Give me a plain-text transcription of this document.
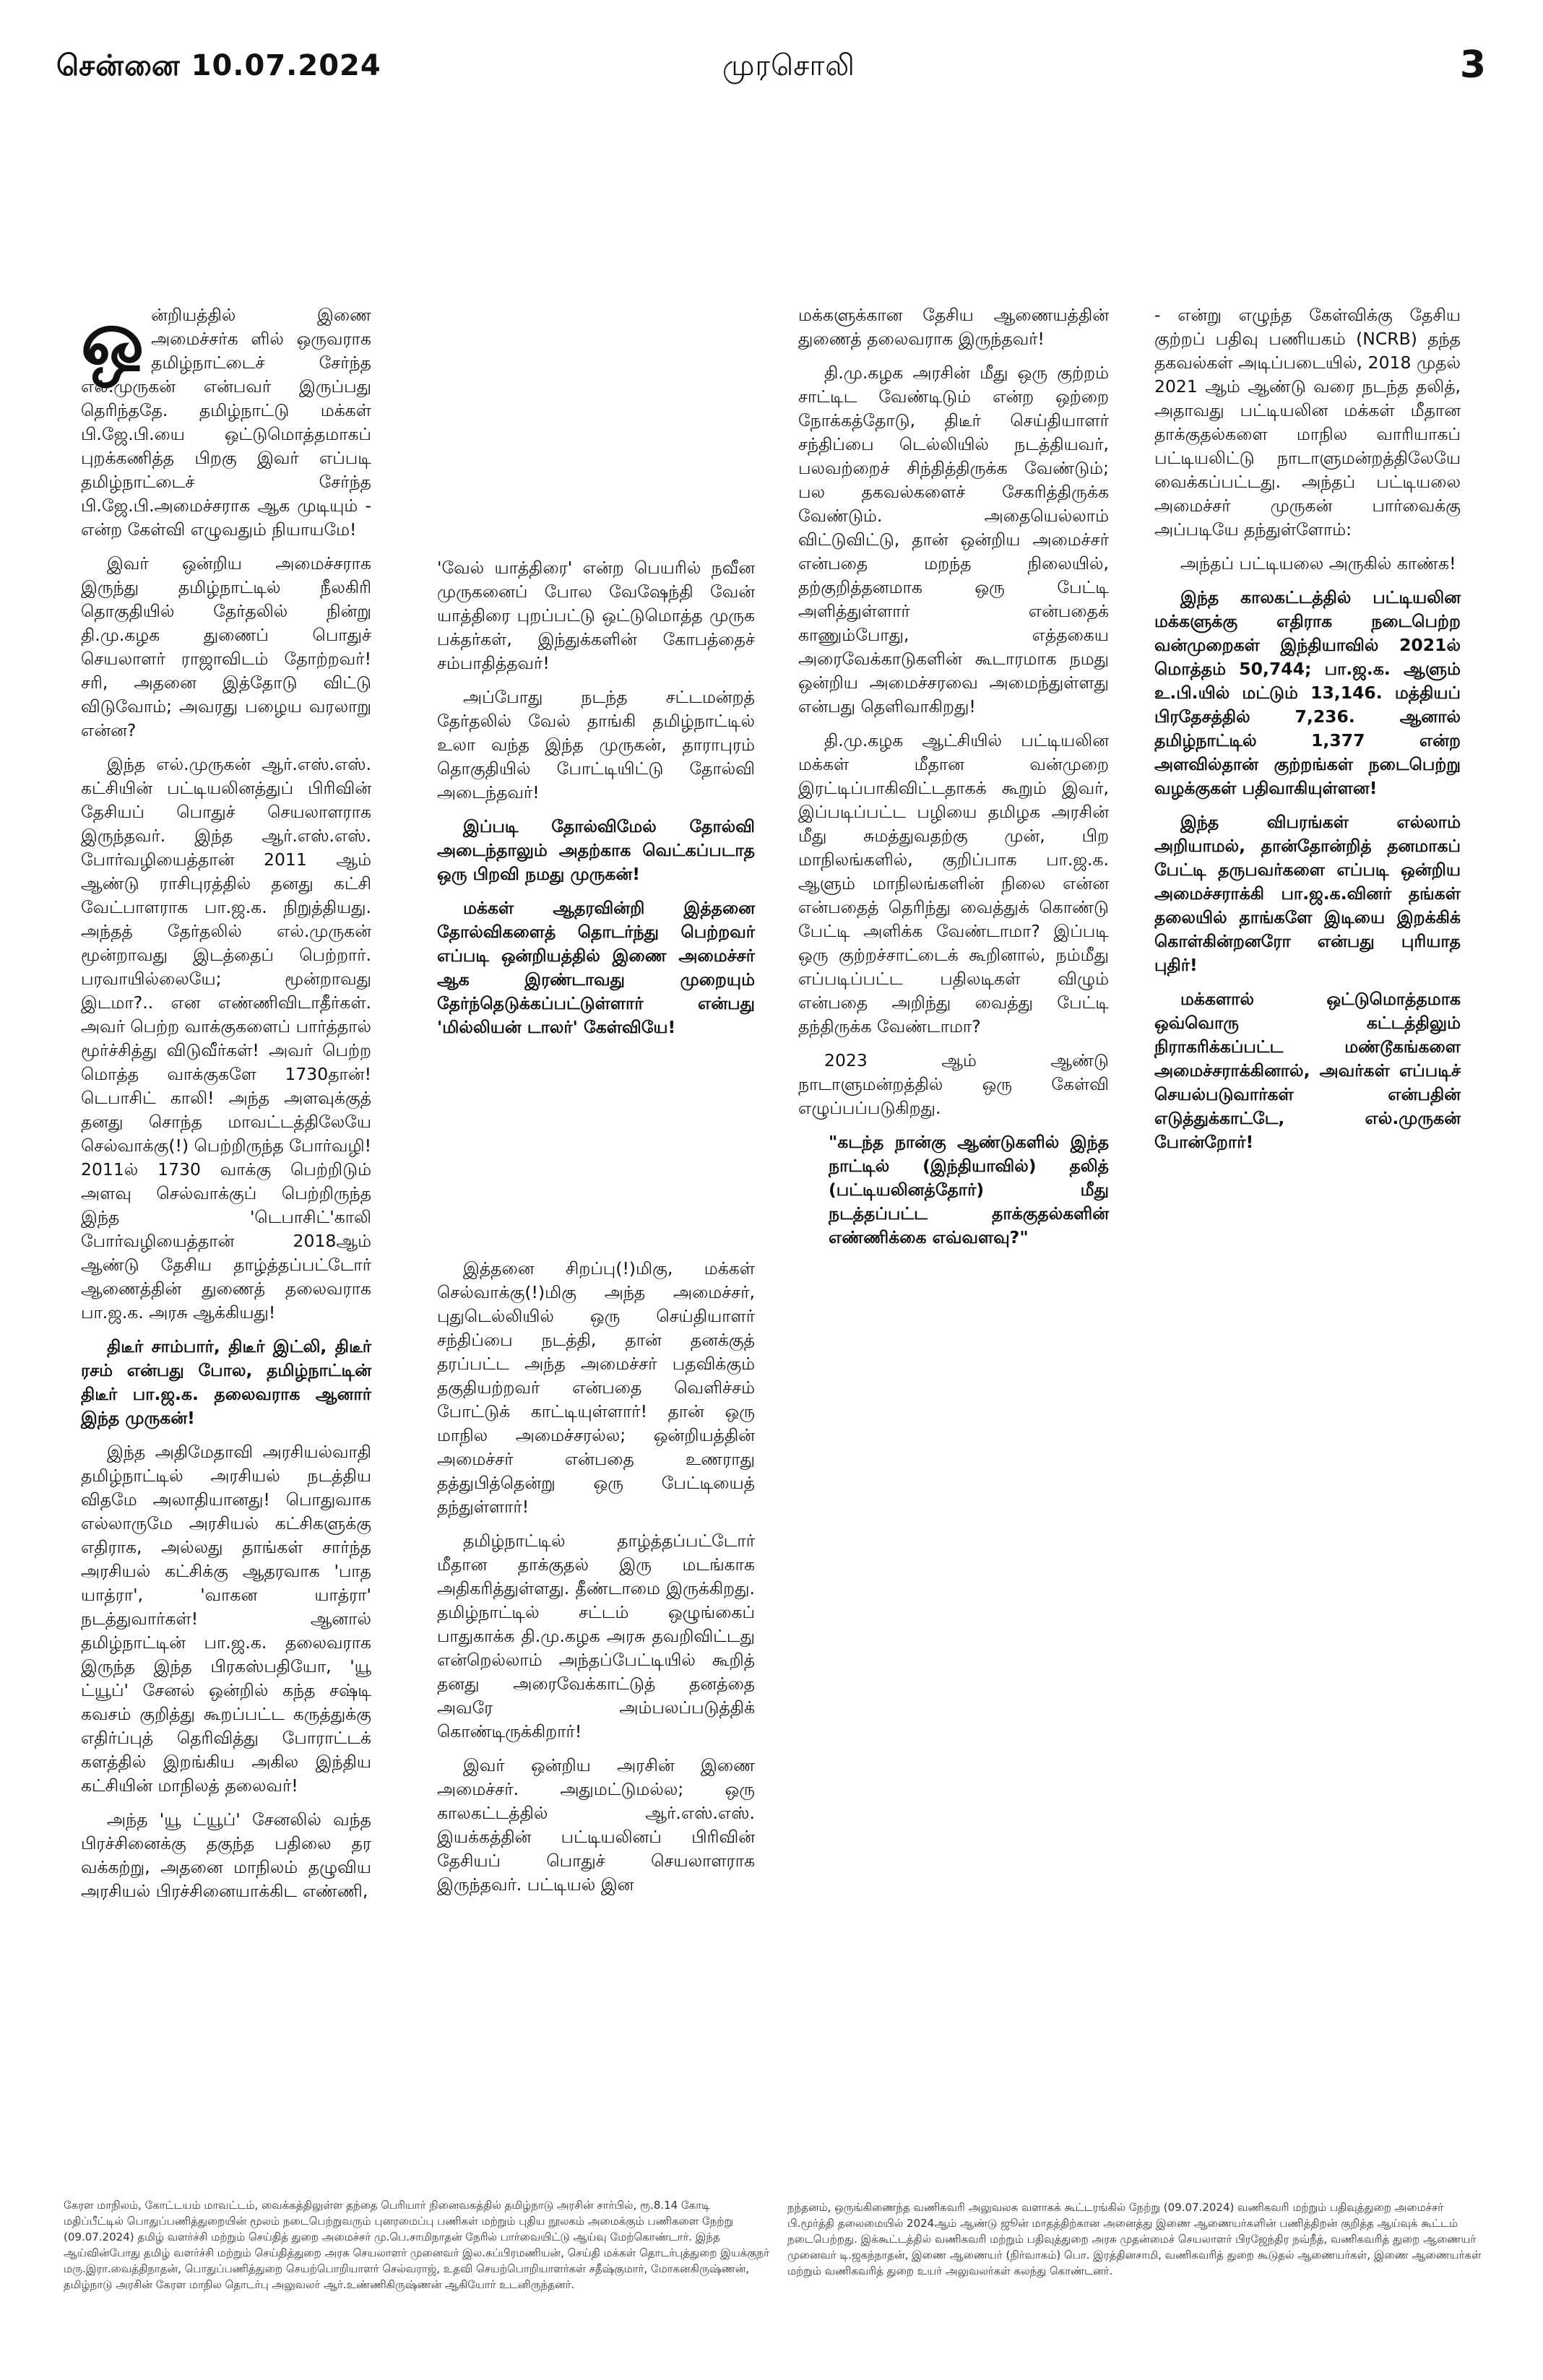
சென்னை 10.07.2024	முரசொலி	3

ஒன்றியத்தில் இணை அமைச்சர்க ளில் ஒருவராக தமிழ்நாட்டைச் சேர்ந்த எல்.முருகன் என்பவர் இருப்பது தெரிந்ததே. தமிழ்நாட்டு மக்கள் பி.ஜே.பி.யை ஒட்டுமொத்தமாகப் புறக்கணித்த பிறகு இவர் எப்படி தமிழ்நாட்டைச் சேர்ந்த பி.ஜே.பி.அமைச்சராக ஆக முடியும் - என்ற கேள்வி எழுவதும் நியாயமே!

இவர் ஒன்றிய அமைச்சராக இருந்து தமிழ்நாட்டில் நீலகிரி தொகுதியில் தேர்தலில் நின்று தி.மு.கழக துணைப் பொதுச் செயலாளர் ராஜாவிடம் தோற்றவர்! சரி, அதனை இத்தோடு விட்டு விடுவோம்; அவரது பழைய வரலாறு என்ன?

இந்த எல்.முருகன் ஆர்.எஸ்.எஸ். கட்சியின் பட்டியலினத்துப் பிரிவின் தேசியப் பொதுச் செயலாளராக இருந்தவர். இந்த ஆர்.எஸ்.எஸ். போர்வழியைத்தான் 2011 ஆம் ஆண்டு ராசிபுரத்தில் தனது கட்சி வேட்பாளராக பா.ஜ.க. நிறுத்தியது. அந்தத் தேர்தலில் எல்.முருகன் மூன்றாவது இடத்தைப் பெற்றார். பரவாயில்லையே; மூன்றாவது இடமா?.. என எண்ணிவிடாதீர்கள். அவர் பெற்ற வாக்குகளைப் பார்த்தால் மூர்ச்சித்து விடுவீர்கள்! அவர் பெற்ற மொத்த வாக்குகளே 1730தான்! டெபாசிட் காலி! அந்த அளவுக்குத் தனது சொந்த மாவட்டத்திலேயே செல்வாக்கு(!) பெற்றிருந்த போர்வழி! 2011ல் 1730 வாக்கு பெற்றிடும் அளவு செல்வாக்குப் பெற்றிருந்த இந்த 'டெபாசிட்'காலி போர்வழியைத்தான் 2018ஆம் ஆண்டு தேசிய தாழ்த்தப்பட்டோர் ஆணைத்தின் துணைத் தலைவராக பா.ஜ.க. அரசு ஆக்கியது!

திடீர் சாம்பார், திடீர் இட்லி, திடீர் ரசம் என்பது போல, தமிழ்நாட்டின் திடீர் பா.ஜ.க. தலைவராக ஆனார் இந்த முருகன்!

இந்த அதிமேதாவி அரசியல்வாதி தமிழ்நாட்டில் அரசியல் நடத்திய விதமே அலாதியானது! பொதுவாக எல்லாருமே அரசியல் கட்சிகளுக்கு எதிராக, அல்லது தாங்கள் சார்ந்த அரசியல் கட்சிக்கு ஆதரவாக 'பாத யாத்ரா', 'வாகன யாத்ரா' நடத்துவார்கள்! ஆனால் தமிழ்நாட்டின் பா.ஜ.க. தலைவராக இருந்த இந்த பிரகஸ்பதியோ, 'யூ ட்யூப்' சேனல் ஒன்றில் கந்த சஷ்டி கவசம் குறித்து கூறப்பட்ட கருத்துக்கு எதிர்ப்புத் தெரிவித்து போராட்டக் களத்தில் இறங்கிய அகில இந்திய கட்சியின் மாநிலத் தலைவர்!

அந்த 'யூ ட்யூப்' சேனலில் வந்த பிரச்சினைக்கு தகுந்த பதிலை தர வக்கற்று, அதனை மாநிலம் தழுவிய அரசியல் பிரச்சினையாக்கிட எண்ணி,

'வேல் யாத்திரை' என்ற பெயரில் நவீன முருகனைப் போல வேஷேந்தி வேன் யாத்திரை புறப்பட்டு ஒட்டுமொத்த முருக பக்தர்கள், இந்துக்களின் கோபத்தைச் சம்பாதித்தவர்!

அப்போது நடந்த சட்டமன்றத் தேர்தலில் வேல் தாங்கி தமிழ்நாட்டில் உலா வந்த இந்த முருகன், தாராபுரம் தொகுதியில் போட்டியிட்டு தோல்வி அடைந்தவர்!

இப்படி தோல்விமேல் தோல்வி அடைந்தாலும் அதற்காக வெட்கப்படாத ஒரு பிறவி நமது முருகன்!

மக்கள் ஆதரவின்றி இத்தனை தோல்விகளைத் தொடர்ந்து பெற்றவர் எப்படி ஒன்றியத்தில் இணை அமைச்சர் ஆக இரண்டாவது முறையும் தேர்ந்தெடுக்கப்பட்டுள்ளார் என்பது 'மில்லியன் டாலர்' கேள்வியே!

இத்தனை சிறப்பு(!)மிகு, மக்கள் செல்வாக்கு(!)மிகு அந்த அமைச்சர், புதுடெல்லியில் ஒரு செய்தியாளர் சந்திப்பை நடத்தி, தான் தனக்குத் தரப்பட்ட அந்த அமைச்சர் பதவிக்கும் தகுதியற்றவர் என்பதை வெளிச்சம் போட்டுக் காட்டியுள்ளார்! தான் ஒரு மாநில அமைச்சரல்ல; ஒன்றியத்தின் அமைச்சர் என்பதை உணராது தத்துபித்தென்று ஒரு பேட்டியைத் தந்துள்ளார்!

தமிழ்நாட்டில் தாழ்த்தப்பட்டோர் மீதான தாக்குதல் இரு மடங்காக அதிகரித்துள்ளது. தீண்டாமை இருக்கிறது. தமிழ்நாட்டில் சட்டம் ஒழுங்கைப் பாதுகாக்க தி.மு.கழக அரசு தவறிவிட்டது என்றெல்லாம் அந்தப்பேட்டியில் கூறித் தனது அரைவேக்காட்டுத் தனத்தை அவரே அம்பலப்படுத்திக் கொண்டிருக்கிறார்!

இவர் ஒன்றிய அரசின் இணை அமைச்சர். அதுமட்டுமல்ல; ஒரு காலகட்டத்தில் ஆர்.எஸ்.எஸ். இயக்கத்தின் பட்டியலினப் பிரிவின் தேசியப் பொதுச் செயலாளராக இருந்தவர். பட்டியல் இன

மக்களுக்கான தேசிய ஆணையத்தின் துணைத் தலைவராக இருந்தவர்!

தி.மு.கழக அரசின் மீது ஒரு குற்றம் சாட்டிட வேண்டிடும் என்ற ஒற்றை நோக்கத்தோடு, திடீர் செய்தியாளர் சந்திப்பை டெல்லியில் நடத்தியவர், பலவற்றைச் சிந்தித்திருக்க வேண்டும்; பல தகவல்களைச் சேகரித்திருக்க வேண்டும். அதையெல்லாம் விட்டுவிட்டு, தான் ஒன்றிய அமைச்சர் என்பதை மறந்த நிலையில், தற்குறித்தனமாக ஒரு பேட்டி அளித்துள்ளார் என்பதைக் காணும்போது, எத்தகைய அரைவேக்காடுகளின் கூடாரமாக நமது ஒன்றிய அமைச்சரவை அமைந்துள்ளது என்பது தெளிவாகிறது!

தி.மு.கழக ஆட்சியில் பட்டியலின மக்கள் மீதான வன்முறை இரட்டிப்பாகிவிட்டதாகக் கூறும் இவர், இப்படிப்பட்ட பழியை தமிழக அரசின் மீது சுமத்துவதற்கு முன், பிற மாநிலங்களில், குறிப்பாக பா.ஜ.க. ஆளும் மாநிலங்களின் நிலை என்ன என்பதைத் தெரிந்து வைத்துக் கொண்டு பேட்டி அளிக்க வேண்டாமா? இப்படி ஒரு குற்றச்சாட்டைக் கூறினால், நம்மீது எப்படிப்பட்ட பதிலடிகள் விழும் என்பதை அறிந்து வைத்து பேட்டி தந்திருக்க வேண்டாமா?

2023 ஆம் ஆண்டு நாடாளுமன்றத்தில் ஒரு கேள்வி எழுப்பப்படுகிறது.

"கடந்த நான்கு ஆண்டுகளில் இந்த நாட்டில் (இந்தியாவில்) தலித் (பட்டியலினத்தோர்) மீது நடத்தப்பட்ட தாக்குதல்களின் எண்ணிக்கை எவ்வளவு?"

- என்று எழுந்த கேள்விக்கு தேசிய குற்றப் பதிவு பணியகம் (NCRB) தந்த தகவல்கள் அடிப்படையில், 2018 முதல் 2021 ஆம் ஆண்டு வரை நடந்த தலித், அதாவது பட்டியலின மக்கள் மீதான தாக்குதல்களை மாநில வாரியாகப் பட்டியலிட்டு நாடாளுமன்றத்திலேயே வைக்கப்பட்டது. அந்தப் பட்டியலை அமைச்சர் முருகன் பார்வைக்கு அப்படியே தந்துள்ளோம்:

அந்தப் பட்டியலை அருகில் காண்க!

இந்த காலகட்டத்தில் பட்டியலின மக்களுக்கு எதிராக நடைபெற்ற வன்முறைகள் இந்தியாவில் 2021ல் மொத்தம் 50,744; பா.ஜ.க. ஆளும் உ.பி.யில் மட்டும் 13,146. மத்தியப் பிரதேசத்தில் 7,236. ஆனால் தமிழ்நாட்டில் 1,377 என்ற அளவில்தான் குற்றங்கள் நடைபெற்று வழக்குகள் பதிவாகியுள்ளன!

இந்த விபரங்கள் எல்லாம் அறியாமல், தான்தோன்றித் தனமாகப் பேட்டி தருபவர்களை எப்படி ஒன்றிய அமைச்சராக்கி பா.ஜ.க.வினர் தங்கள் தலையில் தாங்களே இடியை இறக்கிக் கொள்கின்றனரோ என்பது புரியாத புதிர்!

மக்களால் ஒட்டுமொத்தமாக ஒவ்வொரு கட்டத்திலும் நிராகரிக்கப்பட்ட மண்டூகங்களை அமைச்சராக்கினால், அவர்கள் எப்படிச் செயல்படுவார்கள் என்பதின் எடுத்துக்காட்டே, எல்.முருகன் போன்றோர்!

கேரள மாநிலம், கோட்டயம் மாவட்டம், வைக்கத்திலுள்ள தந்தை பெரியார் நினைவகத்தில் தமிழ்நாடு அரசின் சார்பில், ரூ.8.14 கோடி மதிப்பீட்டில் பொதுப்பணித்துறையின் மூலம் நடைபெற்றுவரும் புனரமைப்பு பணிகள் மற்றும் புதிய நூலகம் அமைக்கும் பணிகளை நேற்று (09.07.2024) தமிழ் வளர்ச்சி மற்றும் செய்தித் துறை அமைச்சர் மு.பெ.சாமிநாதன் நேரில் பார்வையிட்டு ஆய்வு மேற்கொண்டார். இந்த ஆய்வின்போது தமிழ் வளர்ச்சி மற்றும் செய்தித்துறை அரசு செயலாளர் முனைவர் இல.சுப்பிரமணியன், செய்தி மக்கள் தொடர்புத்துறை இயக்குநர் மரு.இரா.வைத்திநாதன், பொதுப்பணித்துறை செயற்பொறியாளர் செல்வராஜ், உதவி செயற்பொறியாளர்கள் சதீஷ்குமார், மோகனகிருஷ்ணன், தமிழ்நாடு அரசின் கேரள மாநில தொடர்பு அலுவலர் ஆர்.உண்ணிகிருஷ்ணன் ஆகியோர் உடனிருந்தனர்.
நந்தனம், ஒருங்கிணைந்த வணிகவரி அலுவலக வளாகக் கூட்டரங்கில் நேற்று (09.07.2024) வணிகவரி மற்றும் பதிவுத்துறை அமைச்சர் பி.மூர்த்தி தலைமையில் 2024ஆம் ஆண்டு ஜூன் மாதத்திற்கான அனைத்து இணை ஆணையர்களின் பணித்திறன் குறித்த ஆய்வுக் கூட்டம் நடைபெற்றது. இக்கூட்டத்தில் வணிகவரி மற்றும் பதிவுத்துறை அரசு முதன்மைச் செயலாளர் பிரஜேந்திர நவ்நீத், வணிகவரித் துறை ஆணையர் முனைவர் டி.ஜகந்நாதன், இணை ஆணையர் (நிர்வாகம்) பொ. இரத்தினசாமி, வணிகவரித் துறை கூடுதல் ஆணையர்கள், இணை ஆணையர்கள் மற்றும் வணிகவரித் துறை உயர் அலுவலர்கள் கலந்து கொண்டனர்.
